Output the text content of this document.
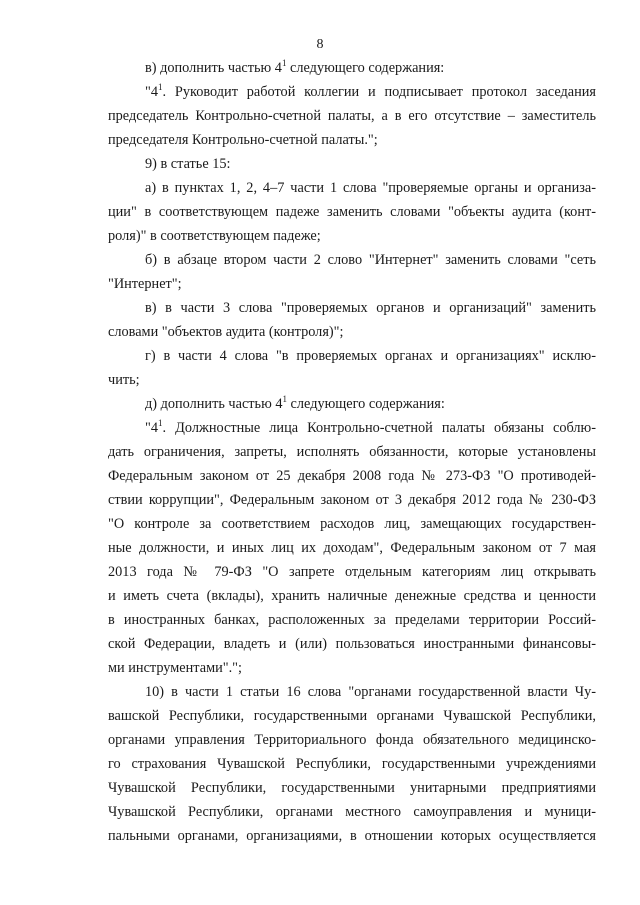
8
в) дополнить частью $4^1$ следующего содержания:
"$4^1$. Руководит работой коллегии и подписывает протокол заседания
председатель Контрольно-счетной палаты, а в его отсутствие – заместитель
председателя Контрольно-счетной палаты.";
9) в статье 15:
а) в пунктах 1, 2, 4–7 части 1 слова "проверяемые органы и организа-
ции" в соответствующем падеже заменить словами "объекты аудита (конт-
роля)" в соответствующем падеже;
б) в абзаце втором части 2 слово "Интернет" заменить словами "сеть
"Интернет";
в) в части 3 слова "проверяемых органов и организаций" заменить
словами "объектов аудита (контроля)";
г) в части 4 слова "в проверяемых органах и организациях" исклю-
чить;
д) дополнить частью $4^1$ следующего содержания:
"$4^1$. Должностные лица Контрольно-счетной палаты обязаны соблю-
дать ограничения, запреты, исполнять обязанности, которые установлены
Федеральным законом от 25 декабря 2008 года № 273-ФЗ "О противодей-
ствии коррупции", Федеральным законом от 3 декабря 2012 года № 230-ФЗ
"О контроле за соответствием расходов лиц, замещающих государствен-
ные должности, и иных лиц их доходам", Федеральным законом от 7 мая
2013 года № 79-ФЗ "О запрете отдельным категориям лиц открывать
и иметь счета (вклады), хранить наличные денежные средства и ценности
в иностранных банках, расположенных за пределами территории Россий-
ской Федерации, владеть и (или) пользоваться иностранными финансовы-
ми инструментами".";
10) в части 1 статьи 16 слова "органами государственной власти Чу-
вашской Республики, государственными органами Чувашской Республики,
органами управления Территориального фонда обязательного медицинско-
го страхования Чувашской Республики, государственными учреждениями
Чувашской Республики, государственными унитарными предприятиями
Чувашской Республики, органами местного самоуправления и муници-
пальными органами, организациями, в отношении которых осуществляется
